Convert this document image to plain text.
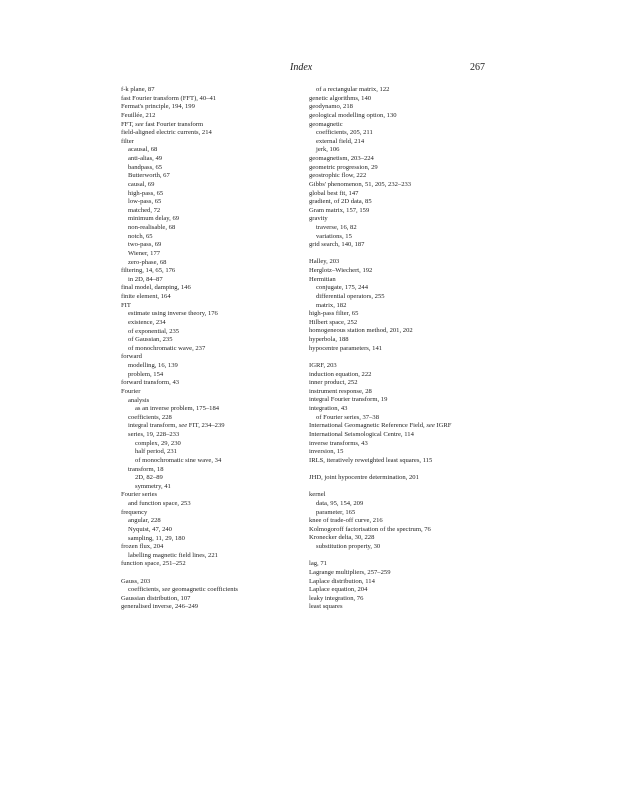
Index	267
f-k plane, 87
fast Fourier transform (FFT), 40–41
Fermat's principle, 194, 199
Feuillée, 212
FFT, see fast Fourier transform
field-aligned electric currents, 214
filter
acausal, 68
anti-alias, 49
bandpass, 65
Butterworth, 67
causal, 69
high-pass, 65
low-pass, 65
matched, 72
minimum delay, 69
non-realisable, 68
notch, 65
two-pass, 69
Wiener, 177
zero-phase, 68
filtering, 14, 65, 176
in 2D, 84–87
final model, damping, 146
finite element, 164
FIT
estimate using inverse theory, 176
existence, 234
of exponential, 235
of Gaussian, 235
of monochromatic wave, 237
forward
modelling, 16, 139
problem, 154
forward transform, 43
Fourier
analysis
as an inverse problem, 175–184
coefficients, 228
integral transform, see FIT, 234–239
series, 19, 228–233
complex, 29, 230
half period, 231
of monochromatic sine wave, 34
transform, 18
2D, 82–89
symmetry, 41
Fourier series
and function space, 253
frequency
angular, 228
Nyquist, 47, 240
sampling, 11, 29, 180
frozen flux, 204
labelling magnetic field lines, 221
function space, 251–252
Gauss, 203
coefficients, see geomagnetic coefficients
Gaussian distribution, 107
generalised inverse, 246–249
of a rectangular matrix, 122
genetic algorithms, 140
geodynamo, 218
geological modelling option, 130
geomagnetic
coefficients, 205, 211
external field, 214
jerk, 106
geomagnetism, 203–224
geometric progression, 29
geostrophic flow, 222
Gibbs' phenomenon, 51, 205, 232–233
global best fit, 147
gradient, of 2D data, 85
Gram matrix, 157, 159
gravity
traverse, 16, 82
variations, 15
grid search, 140, 187
Halley, 203
Herglotz–Wiechert, 192
Hermitian
conjugate, 175, 244
differential operators, 255
matrix, 182
high-pass filter, 65
Hilbert space, 252
homogeneous station method, 201, 202
hyperbola, 188
hypocentre parameters, 141
IGRF, 203
induction equation, 222
inner product, 252
instrument response, 28
integral Fourier transform, 19
integration, 43
of Fourier series, 37–38
International Geomagnetic Reference Field, see IGRF
International Seismological Centre, 114
inverse transforms, 43
inversion, 15
IRLS, iteratively reweighted least squares, 115
JHD, joint hypocentre determination, 201
kernel
data, 95, 154, 209
parameter, 165
knee of trade-off curve, 216
Kolmogoroff factorisation of the spectrum, 76
Kronecker delta, 30, 228
substitution property, 30
lag, 71
Lagrange multipliers, 257–259
Laplace distribution, 114
Laplace equation, 204
leaky integration, 76
least squares
